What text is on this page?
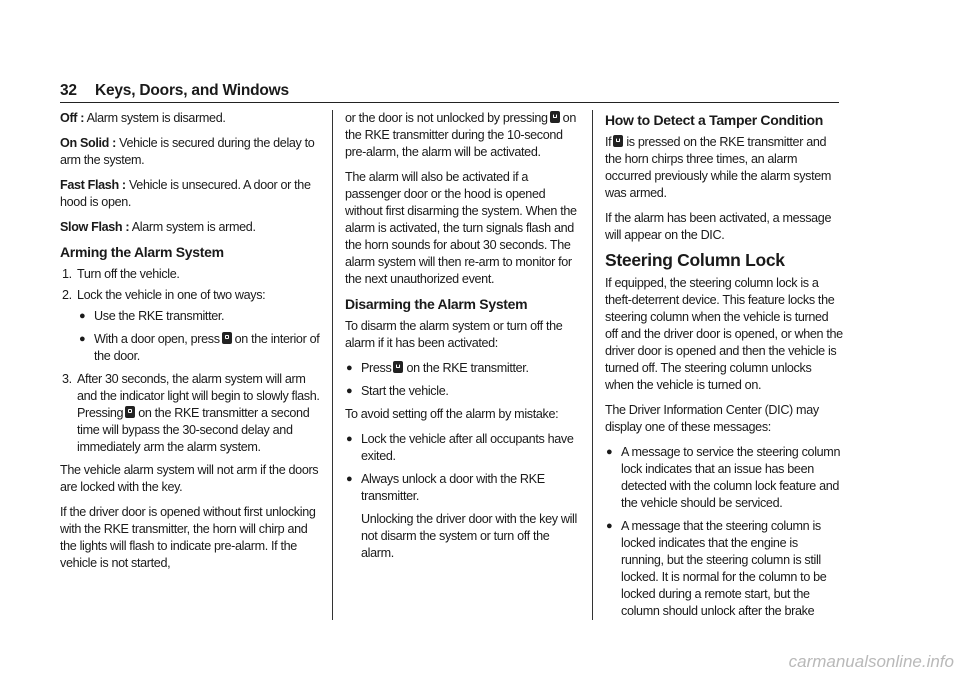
32 Keys, Doors, and Windows

Off : Alarm system is disarmed.

On Solid : Vehicle is secured during the delay to arm the system.

Fast Flash : Vehicle is unsecured. A door or the hood is open.

Slow Flash : Alarm system is armed.

Arming the Alarm System
1. Turn off the vehicle.
2. Lock the vehicle in one of two ways:
● Use the RKE transmitter.
● With a door open, press on the interior of the door.
3. After 30 seconds, the alarm system will arm and the indicator light will begin to slowly flash. Pressing on the RKE transmitter a second time will bypass the 30-second delay and immediately arm the alarm system.

The vehicle alarm system will not arm if the doors are locked with the key.

If the driver door is opened without first unlocking with the RKE transmitter, the horn will chirp and the lights will flash to indicate pre-alarm. If the vehicle is not started,

or the door is not unlocked by pressing on the RKE transmitter during the 10-second pre-alarm, the alarm will be activated.

The alarm will also be activated if a passenger door or the hood is opened without first disarming the system. When the alarm is activated, the turn signals flash and the horn sounds for about 30 seconds. The alarm system will then re-arm to monitor for the next unauthorized event.

Disarming the Alarm System

To disarm the alarm system or turn off the alarm if it has been activated:

● Press on the RKE transmitter.
● Start the vehicle.

To avoid setting off the alarm by mistake:

● Lock the vehicle after all occupants have exited.
● Always unlock a door with the RKE transmitter.

Unlocking the driver door with the key will not disarm the system or turn off the alarm.

How to Detect a Tamper Condition

If is pressed on the RKE transmitter and the horn chirps three times, an alarm occurred previously while the alarm system was armed.

If the alarm has been activated, a message will appear on the DIC.

Steering Column Lock

If equipped, the steering column lock is a theft-deterrent device. This feature locks the steering column when the vehicle is turned off and the driver door is opened, or when the driver door is opened and then the vehicle is turned off. The steering column unlocks when the vehicle is turned on.

The Driver Information Center (DIC) may display one of these messages:

● A message to service the steering column lock indicates that an issue has been detected with the column lock feature and the vehicle should be serviced.
● A message that the steering column is locked indicates that the engine is running, but the steering column is still locked. It is normal for the column to be locked during a remote start, but the column should unlock after the brake
carmanualsonline.info
